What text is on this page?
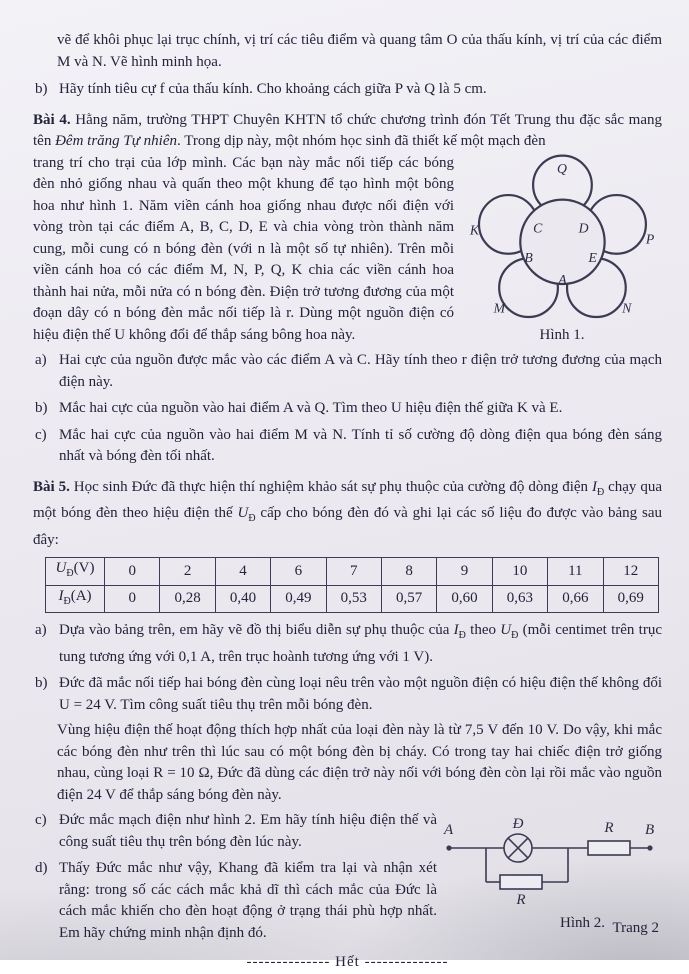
vẽ để khôi phục lại trục chính, vị trí các tiêu điểm và quang tâm O của thấu kính, vị trí của các điểm M và N. Vẽ hình minh họa.

b) Hãy tính tiêu cự f của thấu kính. Cho khoảng cách giữa P và Q là 5 cm.

Bài 4. Hằng năm, trường THPT Chuyên KHTN tổ chức chương trình đón Tết Trung thu đặc sắc mang tên Đêm trăng Tự nhiên. Trong dịp này, một nhóm học sinh đã thiết kế một mạch đèn

Q
K
P
M	N
C D
B	E
A
Hình 1.

trang trí cho trại của lớp mình. Các bạn này mắc nối tiếp các bóng đèn nhỏ giống nhau và quấn theo một khung để tạo hình một bông hoa như hình 1. Năm viền cánh hoa giống nhau được nối điện với vòng tròn tại các điểm A, B, C, D, E và chia vòng tròn thành năm cung, mỗi cung có n bóng đèn (với n là một số tự nhiên). Trên mỗi viền cánh hoa có các điểm M, N, P, Q, K chia các viền cánh hoa thành hai nửa, mỗi nửa có n bóng đèn. Điện trở tương đương của một đoạn dây có n bóng đèn mắc nối tiếp là r. Dùng một nguồn điện có hiệu điện thế U không đổi để thắp sáng bông hoa này.

a) Hai cực của nguồn được mắc vào các điểm A và C. Hãy tính theo r điện trở tương đương của mạch điện này.
b) Mắc hai cực của nguồn vào hai điểm A và Q. Tìm theo U hiệu điện thế giữa K và E.
c) Mắc hai cực của nguồn vào hai điểm M và N. Tính tỉ số cường độ dòng điện qua bóng đèn sáng nhất và bóng đèn tối nhất.

Bài 5. Học sinh Đức đã thực hiện thí nghiệm khảo sát sự phụ thuộc của cường độ dòng điện $I_Đ$ chạy qua một bóng đèn theo hiệu điện thế $U_Đ$ cấp cho bóng đèn đó và ghi lại các số liệu đo được vào bảng sau đây:

$U_Đ(V)$	0	2	4	6	7	8	9	10	11	12
$I_Đ(A)$	0	0,28	0,40	0,49	0,53	0,57	0,60	0,63	0,66	0,69
a) Dựa vào bảng trên, em hãy vẽ đồ thị biểu diễn sự phụ thuộc của $I_Đ$ theo $U_Đ$ (mỗi centimet trên trục tung tương ứng với 0,1 A, trên trục hoành tương ứng với 1 V).
b) Đức đã mắc nối tiếp hai bóng đèn cùng loại nêu trên vào một nguồn điện có hiệu điện thế không đổi U = 24 V. Tìm công suất tiêu thụ trên mỗi bóng đèn.

Vùng hiệu điện thế hoạt động thích hợp nhất của loại đèn này là từ 7,5 V đến 10 V. Do vậy, khi mắc các bóng đèn như trên thì lúc sau có một bóng đèn bị cháy. Có trong tay hai chiếc điện trở giống nhau, cùng loại R = 10 Ω, Đức đã dùng các điện trở này nối với bóng đèn còn lại rồi mắc vào nguồn điện 24 V để thắp sáng bóng đèn này.

A	Đ
R
R B
Hình 2.
c) Đức mắc mạch điện như hình 2. Em hãy tính hiệu điện thế và công suất tiêu thụ trên bóng đèn lúc này.
d) Thấy Đức mắc như vậy, Khang đã kiểm tra lại và nhận xét rằng: trong số các cách mắc khả dĩ thì cách mắc của Đức là cách mắc khiến cho đèn hoạt động ở trạng thái phù hợp nhất. Em hãy chứng minh nhận định đó.

-------------- Hết --------------

Trang 2
